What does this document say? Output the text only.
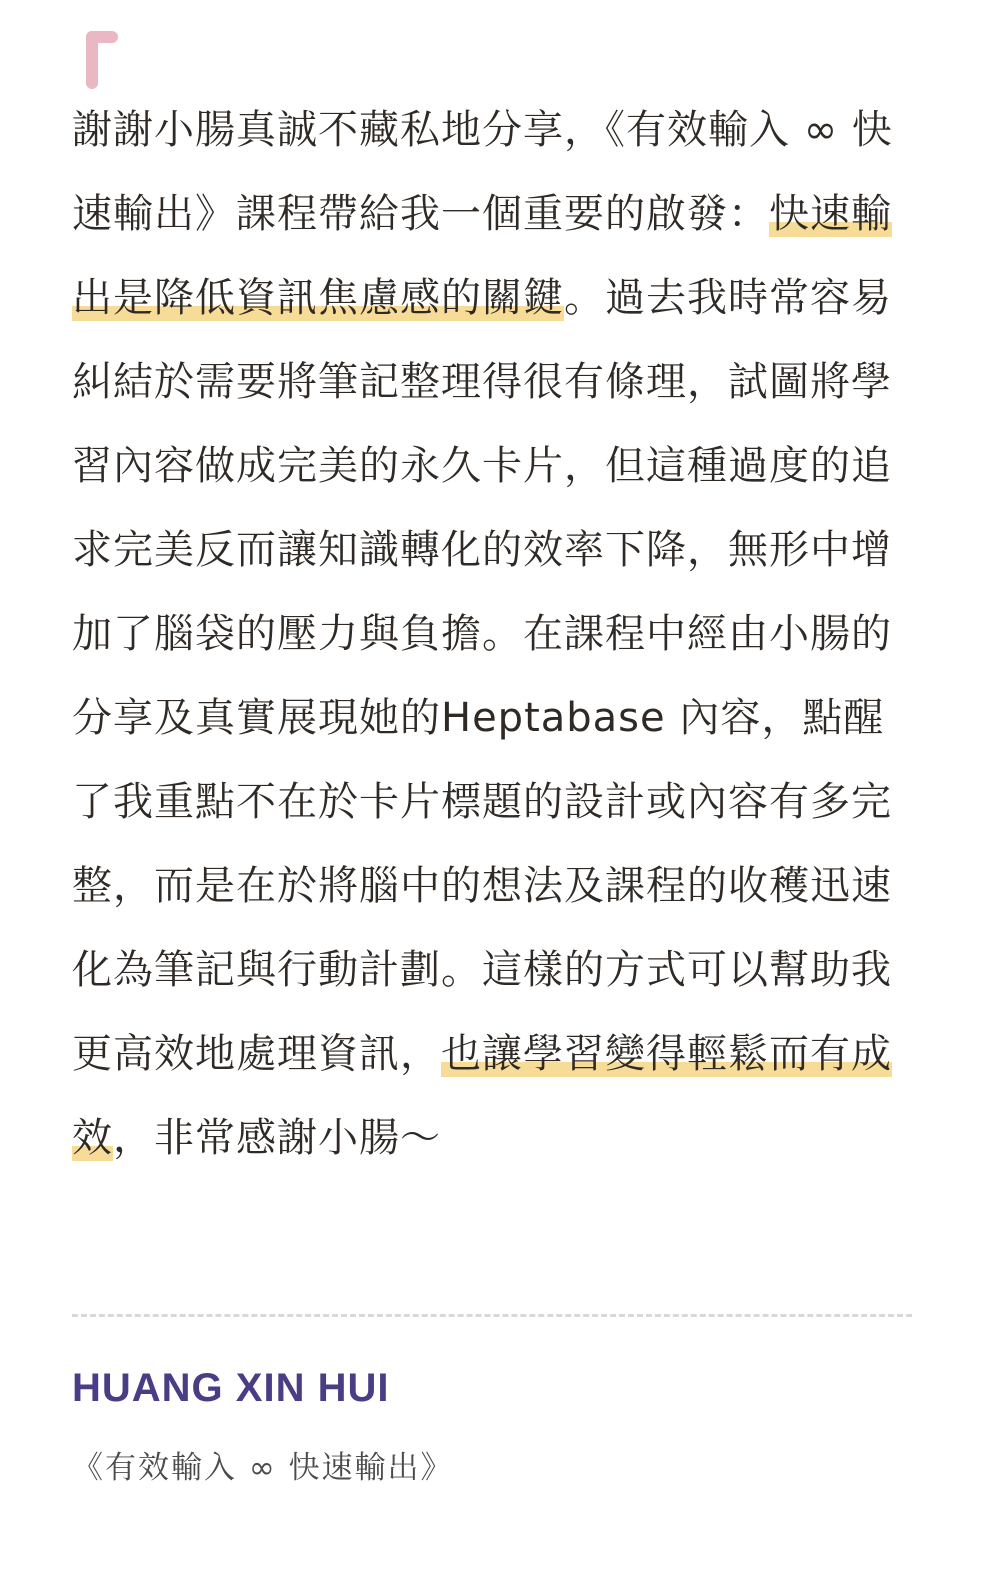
謝謝小腸真誠不藏私地分享，《有效輸入 ∞ 快速輸出》課程帶給我一個重要的啟發：快速輸出是降低資訊焦慮感的關鍵。過去我時常容易糾結於需要將筆記整理得很有條理，試圖將學習內容做成完美的永久卡片，但這種過度的追求完美反而讓知識轉化的效率下降，無形中增加了腦袋的壓力與負擔。在課程中經由小腸的分享及真實展現她的Heptabase 內容，點醒了我重點不在於卡片標題的設計或內容有多完整，而是在於將腦中的想法及課程的收穫迅速化為筆記與行動計劃。這樣的方式可以幫助我更高效地處理資訊，也讓學習變得輕鬆而有成效，非常感謝小腸～

HUANG XIN HUI
《有效輸入 ∞ 快速輸出》
